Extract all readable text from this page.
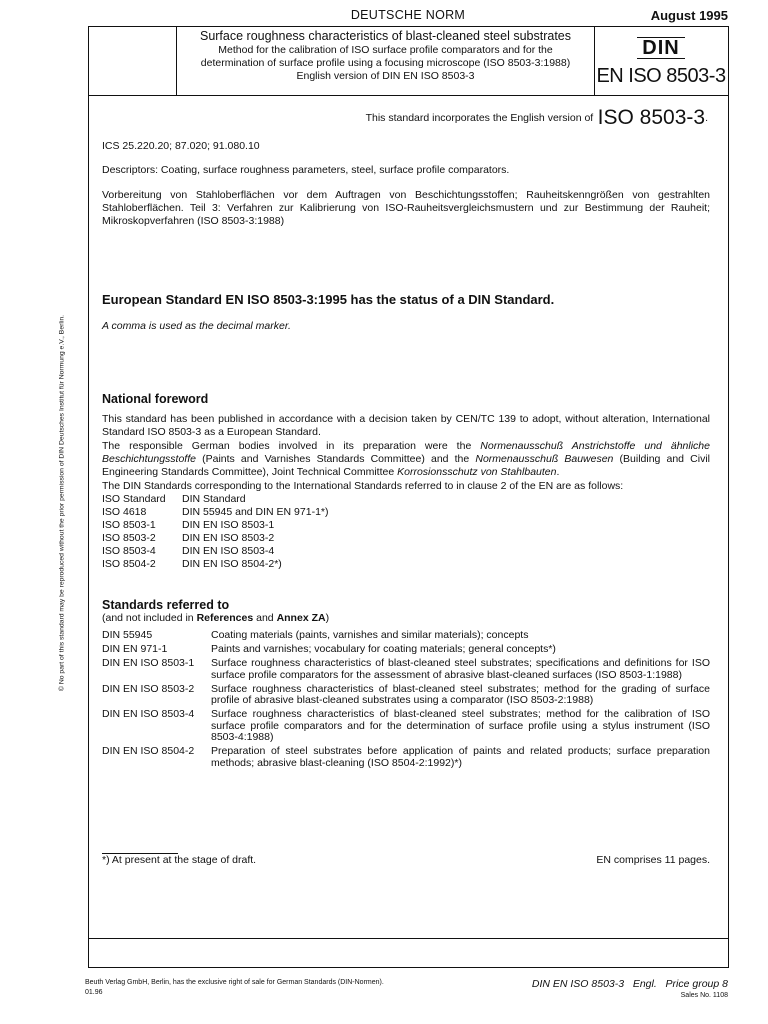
DEUTSCHE NORM	August 1995
Surface roughness characteristics of blast-cleaned steel substrates
Method for the calibration of ISO surface profile comparators and for the
determination of surface profile using a focusing microscope (ISO 8503-3:1988)
English version of DIN EN ISO 8503-3
DIN
EN ISO 8503-3
© No part of this standard may be reproduced without the prior permission of DIN Deutsches Institut für Normung e.V., Berlin.
This standard incorporates the English version of ISO 8503-3.
ICS 25.220.20; 87.020; 91.080.10
Descriptors: Coating, surface roughness parameters, steel, surface profile comparators.
Vorbereitung von Stahloberflächen vor dem Auftragen von Beschichtungsstoffen; Rauheitskenngrößen von gestrahlten Stahloberflächen. Teil 3: Verfahren zur Kalibrierung von ISO-Rauheitsvergleichsmustern und zur Bestimmung der Rauheit; Mikroskopverfahren (ISO 8503-3:1988)
European Standard EN ISO 8503-3:1995 has the status of a DIN Standard.
A comma is used as the decimal marker.
National foreword
This standard has been published in accordance with a decision taken by CEN/TC 139 to adopt, without alteration, International Standard ISO 8503-3 as a European Standard.
The responsible German bodies involved in its preparation were the Normenausschuß Anstrichstoffe und ähnliche Beschichtungsstoffe (Paints and Varnishes Standards Committee) and the Normenausschuß Bauwesen (Building and Civil Engineering Standards Committee), Joint Technical Committee Korrosionsschutz von Stahlbauten.
The DIN Standards corresponding to the International Standards referred to in clause 2 of the EN are as follows:
ISO Standard	DIN Standard
ISO 4618	DIN 55945 and DIN EN 971-1*)
ISO 8503-1	DIN EN ISO 8503-1
ISO 8503-2	DIN EN ISO 8503-2
ISO 8503-4	DIN EN ISO 8503-4
ISO 8504-2	DIN EN ISO 8504-2*)
Standards referred to
(and not included in References and Annex ZA)
DIN 55945	Coating materials (paints, varnishes and similar materials); concepts
DIN EN 971-1	Paints and varnishes; vocabulary for coating materials; general concepts*)
DIN EN ISO 8503-1	Surface roughness characteristics of blast-cleaned steel substrates; specifications and definitions for ISO surface profile comparators for the assessment of abrasive blast-cleaned surfaces (ISO 8503-1:1988)
DIN EN ISO 8503-2	Surface roughness characteristics of blast-cleaned steel substrates; method for the grading of surface profile of abrasive blast-cleaned substrates using a comparator (ISO 8503-2:1988)
DIN EN ISO 8503-4	Surface roughness characteristics of blast-cleaned steel substrates; method for the calibration of ISO surface profile comparators and for the determination of surface profile using a stylus instrument (ISO 8503-4:1988)
DIN EN ISO 8504-2	Preparation of steel substrates before application of paints and related products; surface preparation methods; abrasive blast-cleaning (ISO 8504-2:1992)*)
*) At present at the stage of draft.	EN comprises 11 pages.
Beuth Verlag GmbH, Berlin, has the exclusive right of sale for German Standards (DIN-Normen).
01.96
DIN EN ISO 8503-3 Engl. Price group 8
Sales No. 1108
